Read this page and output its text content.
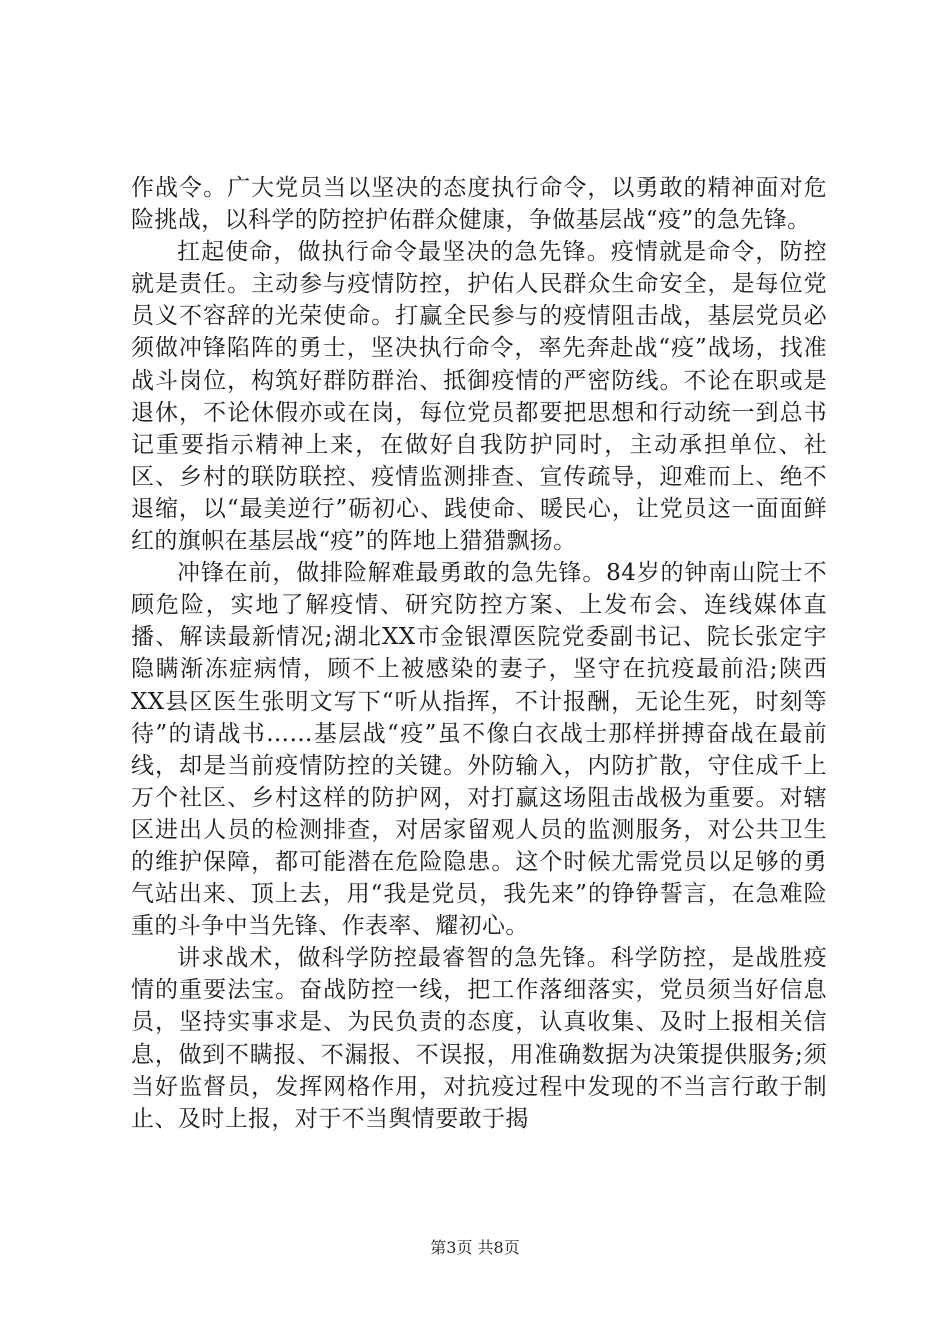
作战令。广大党员当以坚决的态度执行命令，以勇敢的精神面对危险挑战，以科学的防控护佑群众健康，争做基层战“疫”的急先锋。

扛起使命，做执行命令最坚决的急先锋。疫情就是命令，防控就是责任。主动参与疫情防控，护佑人民群众生命安全，是每位党员义不容辞的光荣使命。打赢全民参与的疫情阻击战，基层党员必须做冲锋陷阵的勇士，坚决执行命令，率先奔赴战“疫”战场，找准战斗岗位，构筑好群防群治、抵御疫情的严密防线。不论在职或是退休，不论休假亦或在岗，每位党员都要把思想和行动统一到总书记重要指示精神上来，在做好自我防护同时，主动承担单位、社区、乡村的联防联控、疫情监测排查、宣传疏导，迎难而上、绝不退缩，以“最美逆行”砺初心、践使命、暖民心，让党员这一面面鲜红的旗帜在基层战“疫”的阵地上猎猎飘扬。

冲锋在前，做排险解难最勇敢的急先锋。84岁的钟南山院士不顾危险，实地了解疫情、研究防控方案、上发布会、连线媒体直播、解读最新情况;湖北XX市金银潭医院党委副书记、院长张定宇隐瞒渐冻症病情，顾不上被感染的妻子，坚守在抗疫最前沿;陕西XX县区医生张明文写下“听从指挥，不计报酬，无论生死，时刻等待”的请战书……基层战“疫”虽不像白衣战士那样拼搏奋战在最前线，却是当前疫情防控的关键。外防输入，内防扩散，守住成千上万个社区、乡村这样的防护网，对打赢这场阻击战极为重要。对辖区进出人员的检测排查，对居家留观人员的监测服务，对公共卫生的维护保障，都可能潜在危险隐患。这个时候尤需党员以足够的勇气站出来、顶上去，用“我是党员，我先来”的铮铮誓言，在急难险重的斗争中当先锋、作表率、耀初心。

讲求战术，做科学防控最睿智的急先锋。科学防控，是战胜疫情的重要法宝。奋战防控一线，把工作落细落实，党员须当好信息员，坚持实事求是、为民负责的态度，认真收集、及时上报相关信息，做到不瞒报、不漏报、不误报，用准确数据为决策提供服务;须当好监督员，发挥网格作用，对抗疫过程中发现的不当言行敢于制止、及时上报，对于不当舆情要敢于揭

第3页 共8页
